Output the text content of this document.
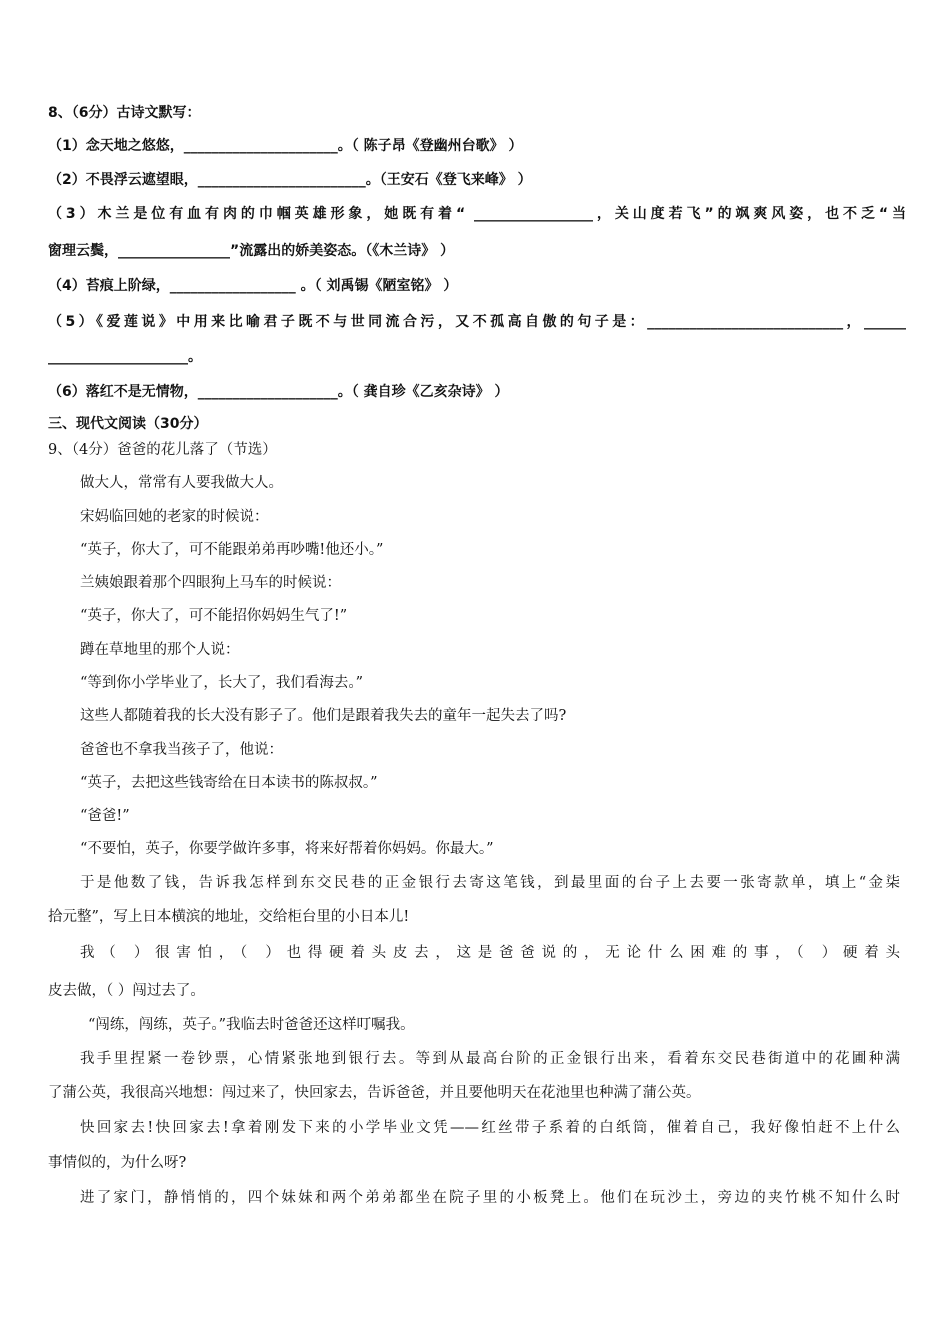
8、（6分）古诗文默写：
（1）念天地之悠悠，______________________。（ 陈子昂《登幽州台歌》 ）
（2）不畏浮云遮望眼，________________________。（王安石《登飞来峰》 ）
（3）木兰是位有血有肉的巾帼英雄形象，她既有着“ _________________，关山度若飞”的飒爽风姿，也不乏“当
窗理云鬓，________________”流露出的娇美姿态。（《木兰诗》 ）
（4）苔痕上阶绿，__________________ 。（ 刘禹锡《陋室铭》 ）
（5）《爱莲说》中用来比喻君子既不与世同流合污，又不孤高自傲的句子是：____________________________，______
____________________。
（6）落红不是无情物，____________________。（ 龚自珍《乙亥杂诗》 ）
三、现代文阅读（30分）
9、（4分）爸爸的花儿落了（节选）
做大人，常常有人要我做大人。
宋妈临回她的老家的时候说：
“英子，你大了，可不能跟弟弟再吵嘴!他还小。”
兰姨娘跟着那个四眼狗上马车的时候说：
“英子，你大了，可不能招你妈妈生气了!”
蹲在草地里的那个人说：
“等到你小学毕业了，长大了，我们看海去。”
这些人都随着我的长大没有影子了。他们是跟着我失去的童年一起失去了吗?
爸爸也不拿我当孩子了，他说：
“英子，去把这些钱寄给在日本读书的陈叔叔。”
“爸爸!”
“不要怕，英子，你要学做许多事，将来好帮着你妈妈。你最大。”
于是他数了钱，告诉我怎样到东交民巷的正金银行去寄这笔钱，到最里面的台子上去要一张寄款单，填上“金柒
拾元整”，写上日本横滨的地址，交给柜台里的小日本儿!
我（ ）很害怕，（ ）也得硬着头皮去，这是爸爸说的，无论什么困难的事，（ ）硬着头
皮去做，（ ）闯过去了。
“闯练，闯练，英子。”我临去时爸爸还这样叮嘱我。
我手里捏紧一卷钞票，心情紧张地到银行去。等到从最高台阶的正金银行出来，看着东交民巷街道中的花圃种满
了蒲公英，我很高兴地想：闯过来了，快回家去，告诉爸爸，并且要他明天在花池里也种满了蒲公英。
快回家去!快回家去!拿着刚发下来的小学毕业文凭——红丝带子系着的白纸筒，催着自己，我好像怕赶不上什么
事情似的，为什么呀?
进了家门，静悄悄的，四个妹妹和两个弟弟都坐在院子里的小板凳上。他们在玩沙土，旁边的夹竹桃不知什么时
